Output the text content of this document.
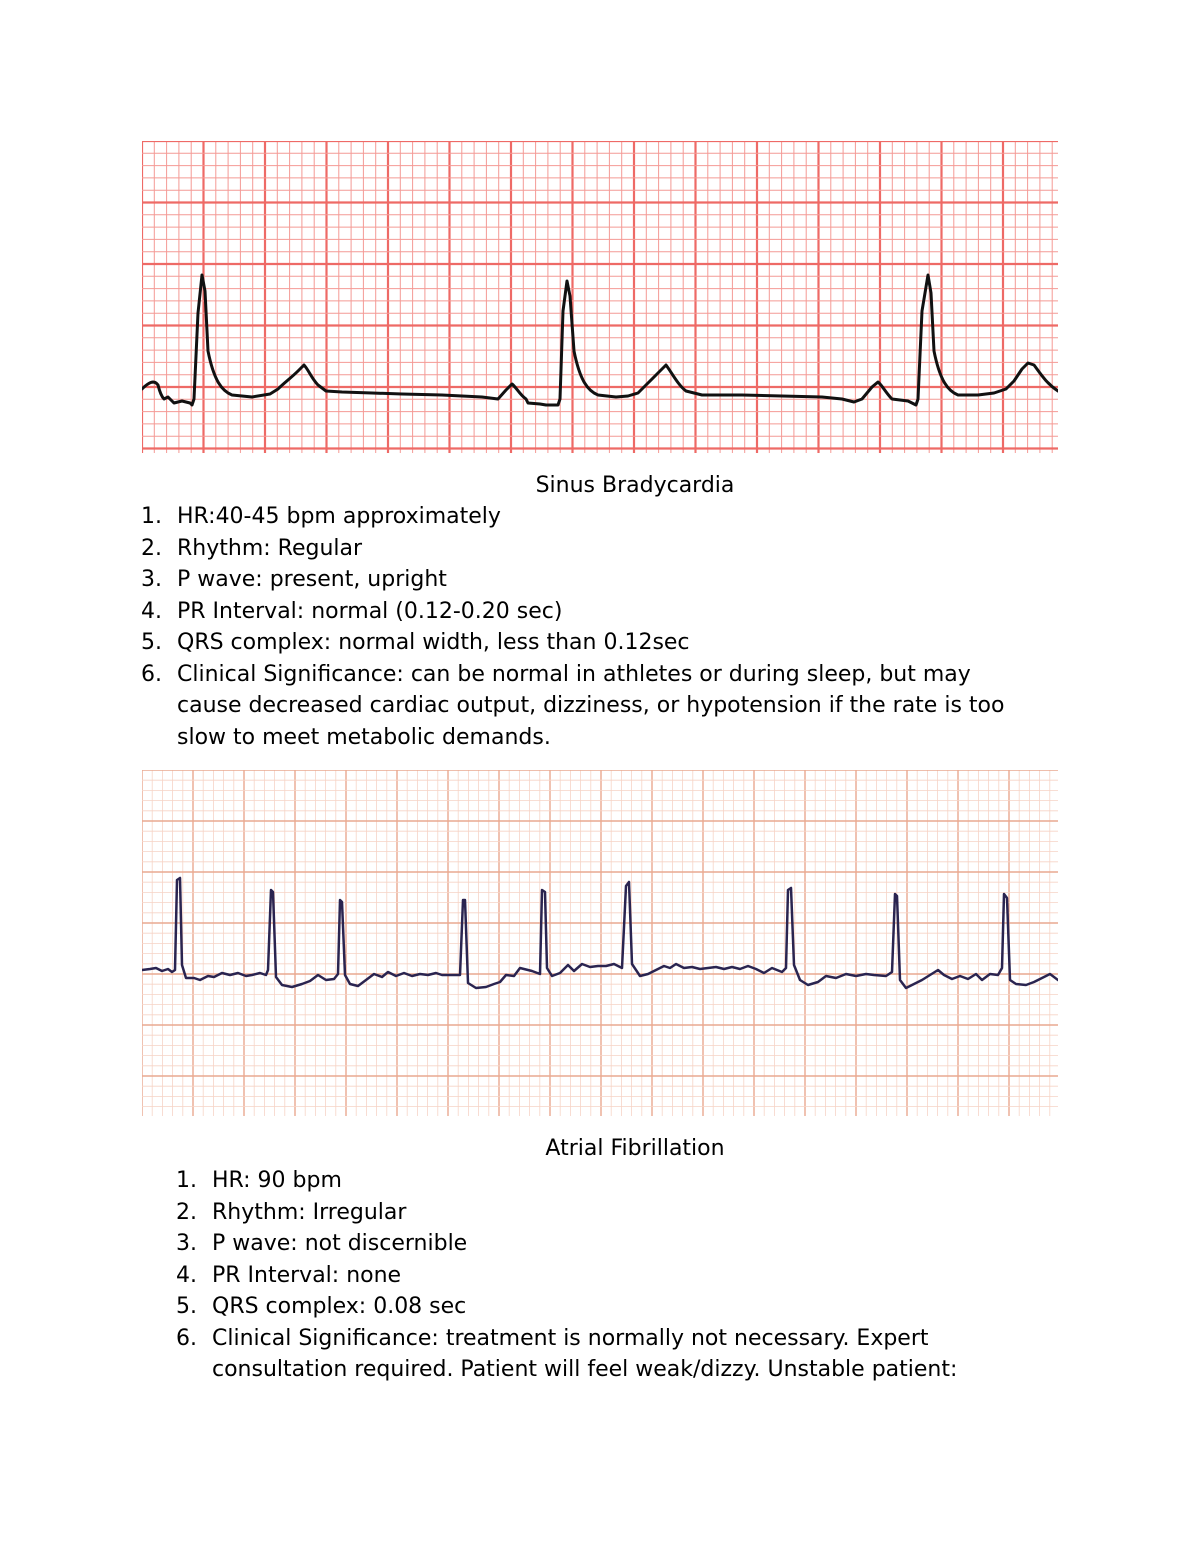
Sinus Bradycardia
1. HR:40-45 bpm approximately
2. Rhythm: Regular
3. P wave: present, upright
4. PR Interval: normal (0.12-0.20 sec)
5. QRS complex: normal width, less than 0.12sec
6. Clinical Significance: can be normal in athletes or during sleep, but may cause decreased cardiac output, dizziness, or hypotension if the rate is too slow to meet metabolic demands.
Atrial Fibrillation
1. HR: 90 bpm
2. Rhythm: Irregular
3. P wave: not discernible
4. PR Interval: none
5. QRS complex: 0.08 sec
6. Clinical Significance: treatment is normally not necessary. Expert consultation required. Patient will feel weak/dizzy. Unstable patient:
